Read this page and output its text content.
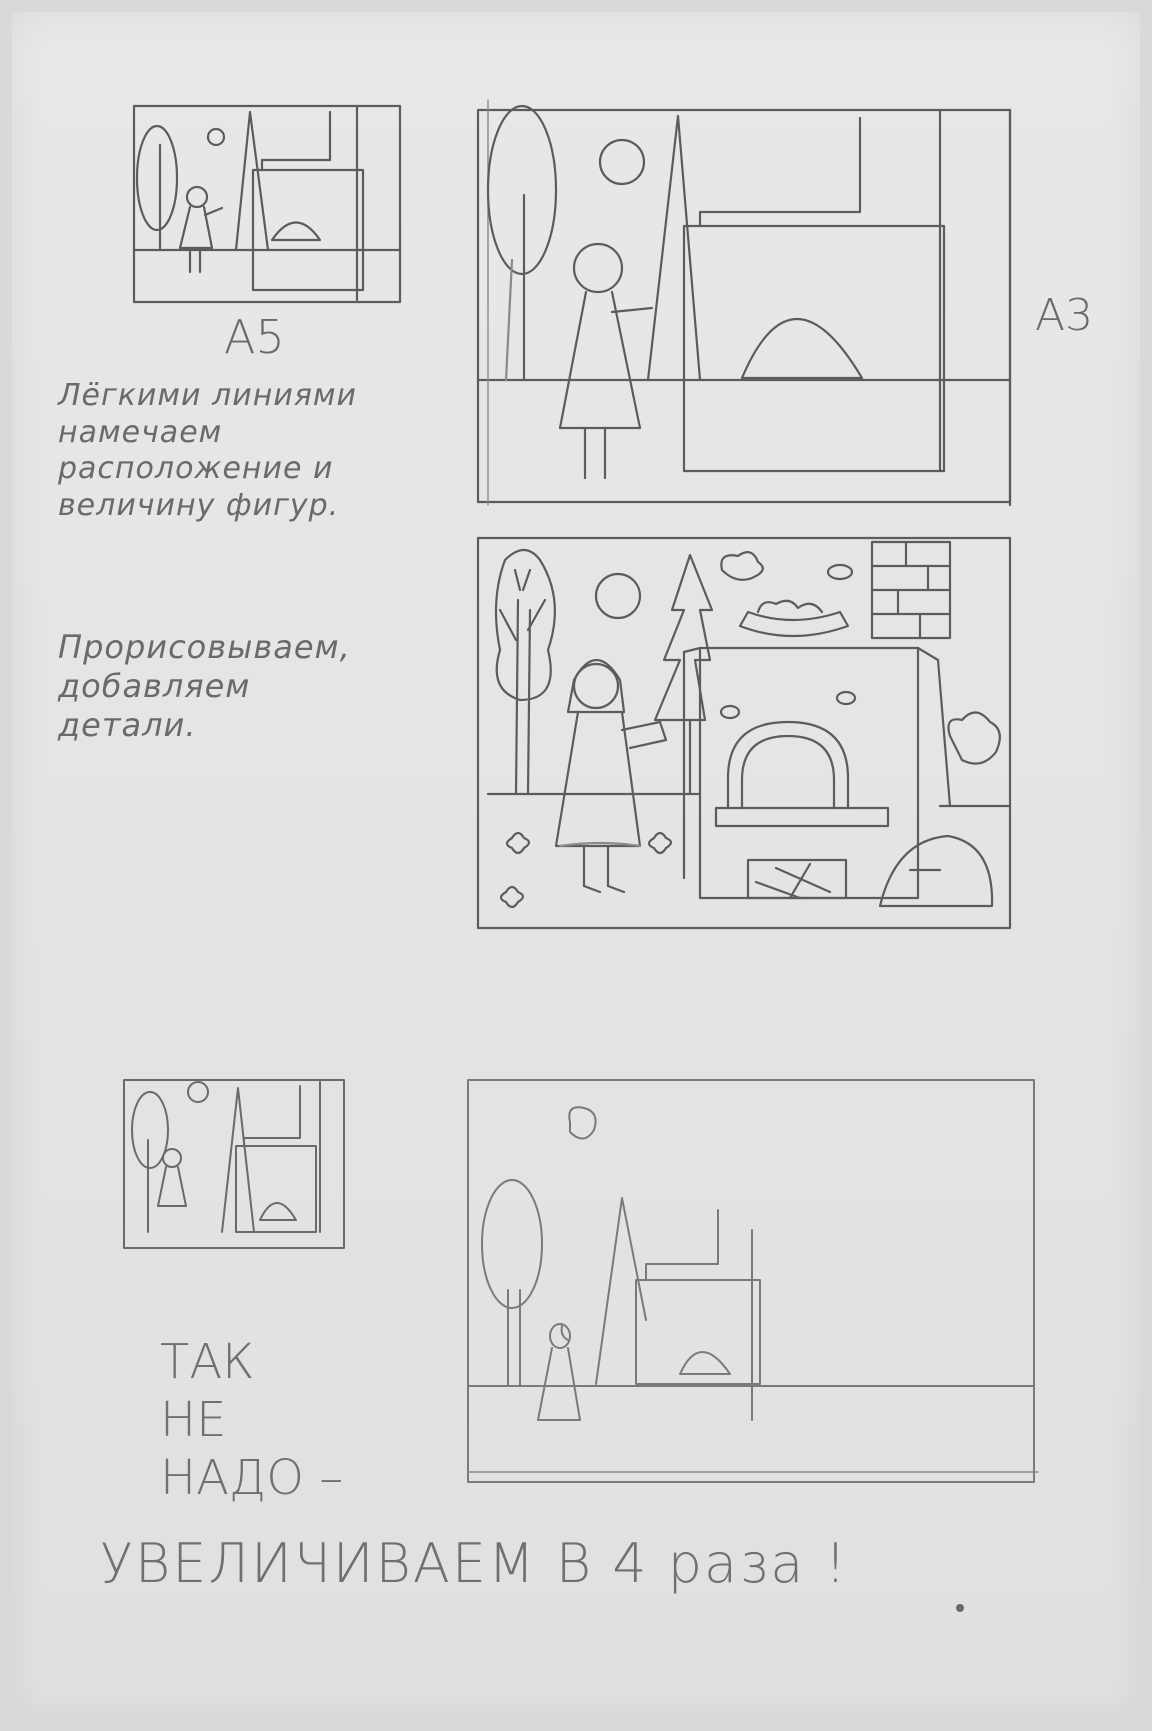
А3

А5

Лёгкими линиями
намечаем
расположение и
величину фигур.

Прорисовываем,
добавляем
детали.

ТАК

НЕ

НАДО –

УВЕЛИЧИВАЕМ В 4 раза !
